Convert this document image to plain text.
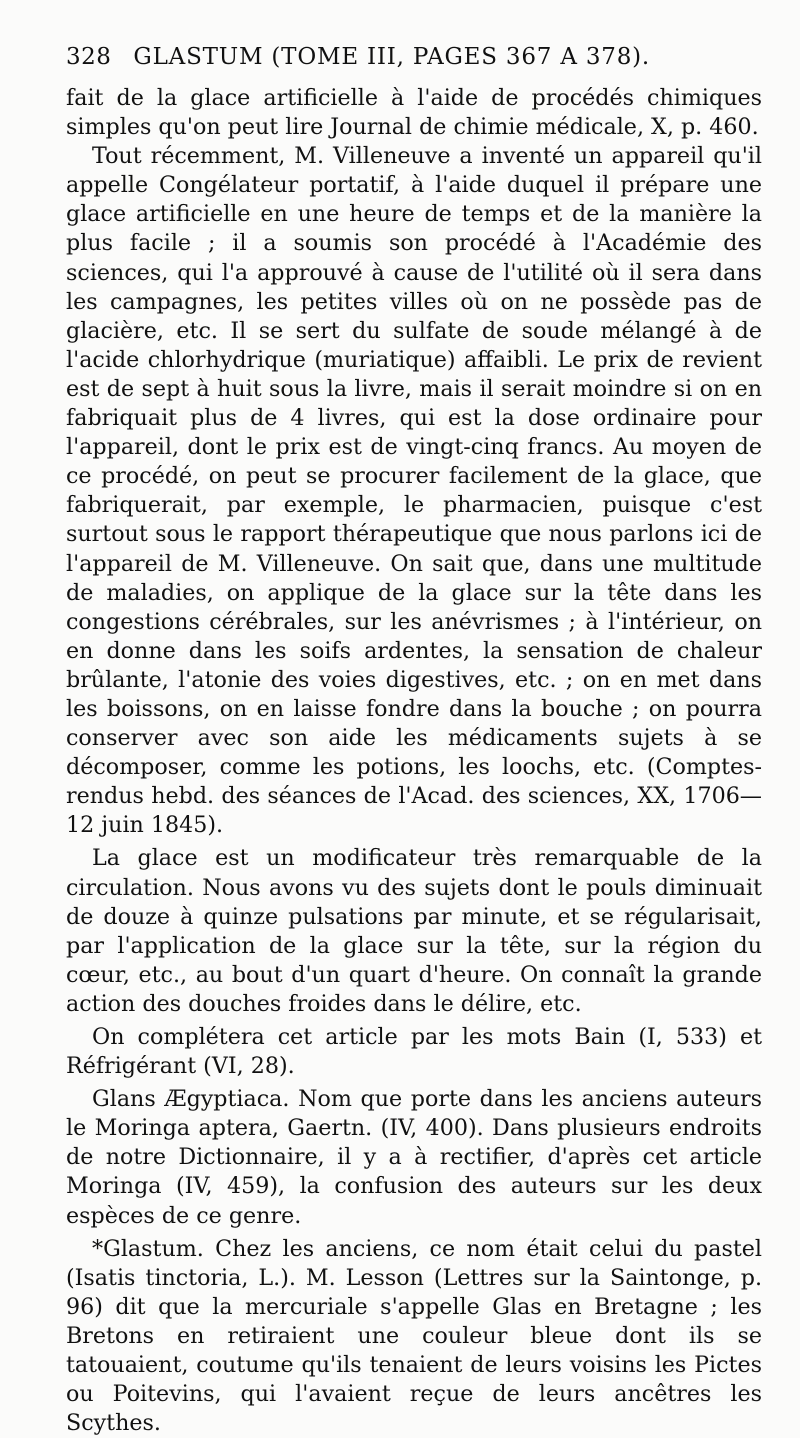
328 GLASTUM (TOME III, PAGES 367 A 378).

fait de la glace artificielle à l'aide de procédés chimiques simples qu'on peut lire Journal de chimie médicale, X, p. 460.

Tout récemment, M. Villeneuve a inventé un appareil qu'il appelle Congélateur portatif, à l'aide duquel il prépare une glace artificielle en une heure de temps et de la manière la plus facile ; il a soumis son procédé à l'Académie des sciences, qui l'a approuvé à cause de l'utilité où il sera dans les campagnes, les petites villes où on ne possède pas de glacière, etc. Il se sert du sulfate de soude mélangé à de l'acide chlorhydrique (muriatique) affaibli. Le prix de revient est de sept à huit sous la livre, mais il serait moindre si on en fabriquait plus de 4 livres, qui est la dose ordinaire pour l'appareil, dont le prix est de vingt-cinq francs. Au moyen de ce procédé, on peut se procurer facilement de la glace, que fabriquerait, par exemple, le pharmacien, puisque c'est surtout sous le rapport thérapeutique que nous parlons ici de l'appareil de M. Villeneuve. On sait que, dans une multitude de maladies, on applique de la glace sur la tête dans les congestions cérébrales, sur les anévrismes ; à l'intérieur, on en donne dans les soifs ardentes, la sensation de chaleur brûlante, l'atonie des voies digestives, etc. ; on en met dans les boissons, on en laisse fondre dans la bouche ; on pourra conserver avec son aide les médicaments sujets à se décomposer, comme les potions, les loochs, etc. (Comptes-rendus hebd. des séances de l'Acad. des sciences, XX, 1706—12 juin 1845).

La glace est un modificateur très remarquable de la circulation. Nous avons vu des sujets dont le pouls diminuait de douze à quinze pulsations par minute, et se régularisait, par l'application de la glace sur la tête, sur la région du cœur, etc., au bout d'un quart d'heure. On connaît la grande action des douches froides dans le délire, etc.

On complétera cet article par les mots Bain (I, 533) et Réfrigérant (VI, 28).

Glans Ægyptiaca. Nom que porte dans les anciens auteurs le Moringa aptera, Gaertn. (IV, 400). Dans plusieurs endroits de notre Dictionnaire, il y a à rectifier, d'après cet article Moringa (IV, 459), la confusion des auteurs sur les deux espèces de ce genre.

*Glastum. Chez les anciens, ce nom était celui du pastel (Isatis tinctoria, L.). M. Lesson (Lettres sur la Saintonge, p. 96) dit que la mercuriale s'appelle Glas en Bretagne ; les Bretons en retiraient une couleur bleue dont ils se tatouaient, coutume qu'ils tenaient de leurs voisins les Pictes ou Poitevins, qui l'avaient reçue de leurs ancêtres les Scythes.
